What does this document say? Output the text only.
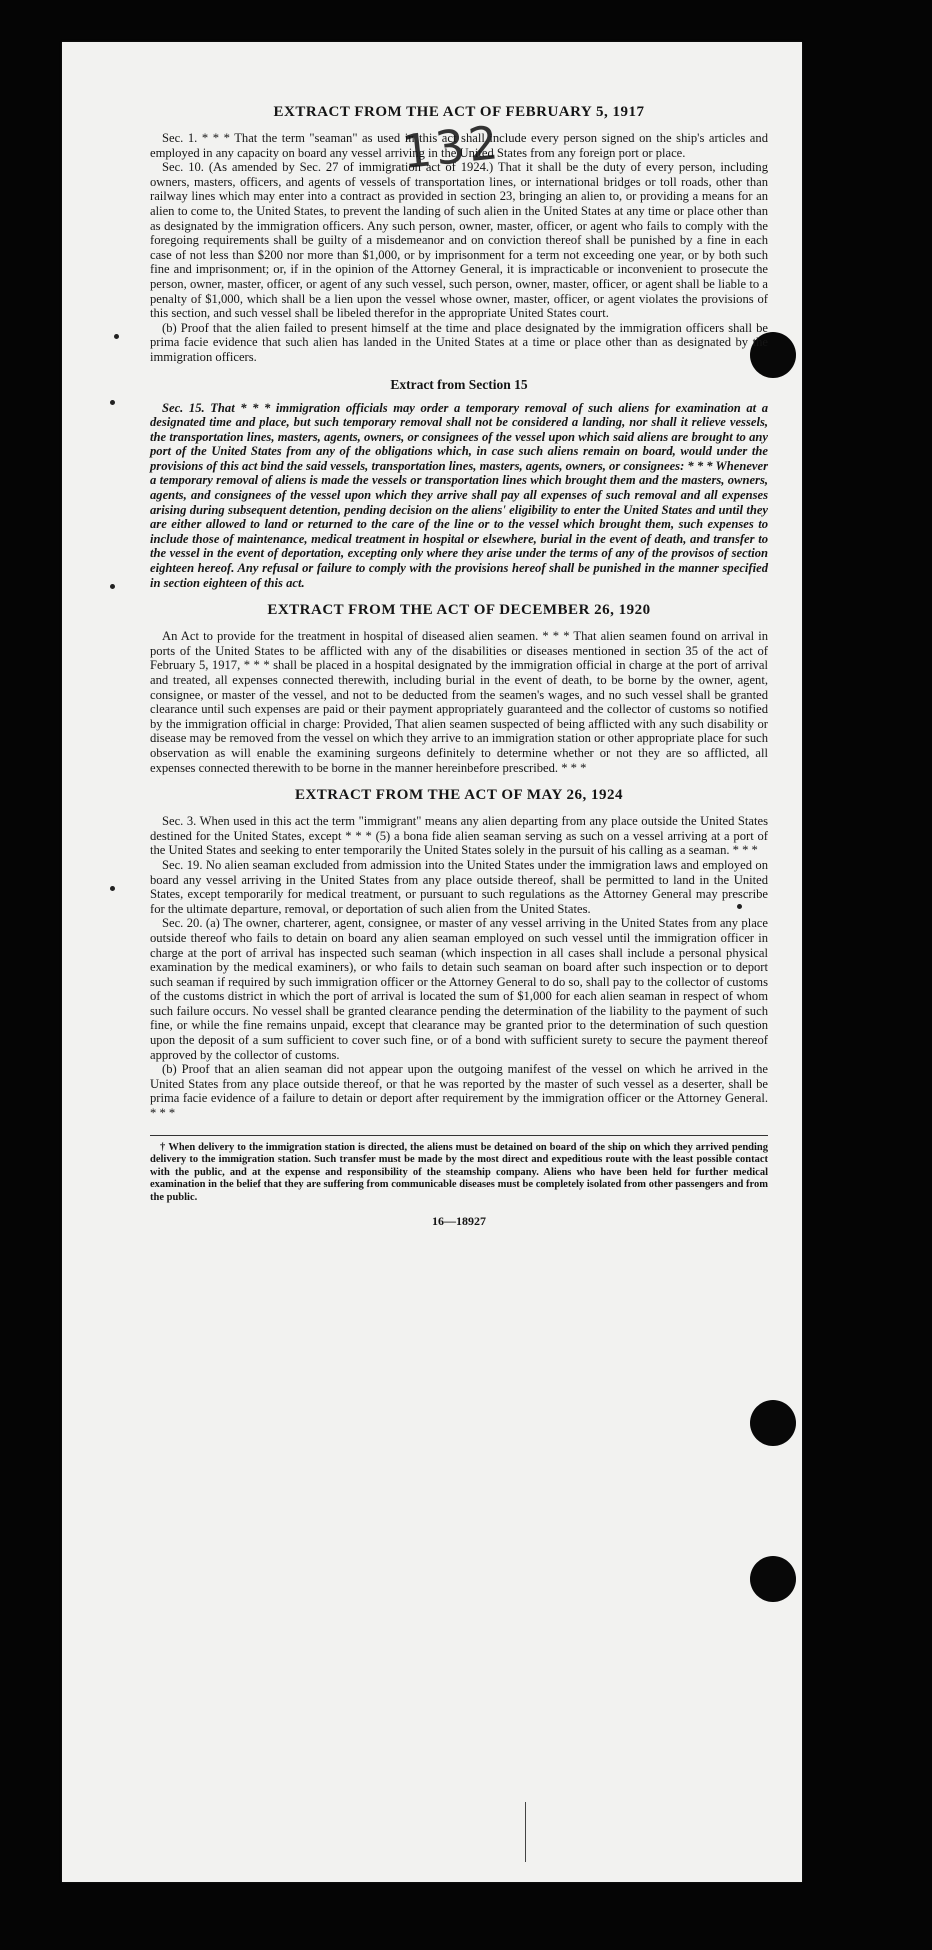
132
EXTRACT FROM THE ACT OF FEBRUARY 5, 1917

Sec. 1. * * * That the term "seaman" as used in this act shall include every person signed on the ship's articles and employed in any capacity on board any vessel arriving in the United States from any foreign port or place.

Sec. 10. (As amended by Sec. 27 of immigration act of 1924.) That it shall be the duty of every person, including owners, masters, officers, and agents of vessels of transportation lines, or international bridges or toll roads, other than railway lines which may enter into a contract as provided in section 23, bringing an alien to, or providing a means for an alien to come to, the United States, to prevent the landing of such alien in the United States at any time or place other than as designated by the immigration officers. Any such person, owner, master, officer, or agent who fails to comply with the foregoing requirements shall be guilty of a misdemeanor and on conviction thereof shall be punished by a fine in each case of not less than $200 nor more than $1,000, or by imprisonment for a term not exceeding one year, or by both such fine and imprisonment; or, if in the opinion of the Attorney General, it is impracticable or inconvenient to prosecute the person, owner, master, officer, or agent of any such vessel, such person, owner, master, officer, or agent shall be liable to a penalty of $1,000, which shall be a lien upon the vessel whose owner, master, officer, or agent violates the provisions of this section, and such vessel shall be libeled therefor in the appropriate United States court.

(b) Proof that the alien failed to present himself at the time and place designated by the immigration officers shall be prima facie evidence that such alien has landed in the United States at a time or place other than as designated by the immigration officers.

Extract from Section 15

Sec. 15. That * * * immigration officials may order a temporary removal of such aliens for examination at a designated time and place, but such temporary removal shall not be considered a landing, nor shall it relieve vessels, the transportation lines, masters, agents, owners, or consignees of the vessel upon which said aliens are brought to any port of the United States from any of the obligations which, in case such aliens remain on board, would under the provisions of this act bind the said vessels, transportation lines, masters, agents, owners, or consignees: * * * Whenever a temporary removal of aliens is made the vessels or transportation lines which brought them and the masters, owners, agents, and consignees of the vessel upon which they arrive shall pay all expenses of such removal and all expenses arising during subsequent detention, pending decision on the aliens' eligibility to enter the United States and until they are either allowed to land or returned to the care of the line or to the vessel which brought them, such expenses to include those of maintenance, medical treatment in hospital or elsewhere, burial in the event of death, and transfer to the vessel in the event of deportation, excepting only where they arise under the terms of any of the provisos of section eighteen hereof. Any refusal or failure to comply with the provisions hereof shall be punished in the manner specified in section eighteen of this act.

EXTRACT FROM THE ACT OF DECEMBER 26, 1920

An Act to provide for the treatment in hospital of diseased alien seamen. * * * That alien seamen found on arrival in ports of the United States to be afflicted with any of the disabilities or diseases mentioned in section 35 of the act of February 5, 1917, * * * shall be placed in a hospital designated by the immigration official in charge at the port of arrival and treated, all expenses connected therewith, including burial in the event of death, to be borne by the owner, agent, consignee, or master of the vessel, and not to be deducted from the seamen's wages, and no such vessel shall be granted clearance until such expenses are paid or their payment appropriately guaranteed and the collector of customs so notified by the immigration official in charge: Provided, That alien seamen suspected of being afflicted with any such disability or disease may be removed from the vessel on which they arrive to an immigration station or other appropriate place for such observation as will enable the examining surgeons definitely to determine whether or not they are so afflicted, all expenses connected therewith to be borne in the manner hereinbefore prescribed. * * *

EXTRACT FROM THE ACT OF MAY 26, 1924

Sec. 3. When used in this act the term "immigrant" means any alien departing from any place outside the United States destined for the United States, except * * * (5) a bona fide alien seaman serving as such on a vessel arriving at a port of the United States and seeking to enter temporarily the United States solely in the pursuit of his calling as a seaman. * * *

Sec. 19. No alien seaman excluded from admission into the United States under the immigration laws and employed on board any vessel arriving in the United States from any place outside thereof, shall be permitted to land in the United States, except temporarily for medical treatment, or pursuant to such regulations as the Attorney General may prescribe for the ultimate departure, removal, or deportation of such alien from the United States.

Sec. 20. (a) The owner, charterer, agent, consignee, or master of any vessel arriving in the United States from any place outside thereof who fails to detain on board any alien seaman employed on such vessel until the immigration officer in charge at the port of arrival has inspected such seaman (which inspection in all cases shall include a personal physical examination by the medical examiners), or who fails to detain such seaman on board after such inspection or to deport such seaman if required by such immigration officer or the Attorney General to do so, shall pay to the collector of customs of the customs district in which the port of arrival is located the sum of $1,000 for each alien seaman in respect of whom such failure occurs. No vessel shall be granted clearance pending the determination of the liability to the payment of such fine, or while the fine remains unpaid, except that clearance may be granted prior to the determination of such question upon the deposit of a sum sufficient to cover such fine, or of a bond with sufficient surety to secure the payment thereof approved by the collector of customs.

(b) Proof that an alien seaman did not appear upon the outgoing manifest of the vessel on which he arrived in the United States from any place outside thereof, or that he was reported by the master of such vessel as a deserter, shall be prima facie evidence of a failure to detain or deport after requirement by the immigration officer or the Attorney General. * * *

† When delivery to the immigration station is directed, the aliens must be detained on board of the ship on which they arrived pending delivery to the immigration station. Such transfer must be made by the most direct and expeditious route with the least possible contact with the public, and at the expense and responsibility of the steamship company. Aliens who have been held for further medical examination in the belief that they are suffering from communicable diseases must be completely isolated from other passengers and from the public.

16—18927
